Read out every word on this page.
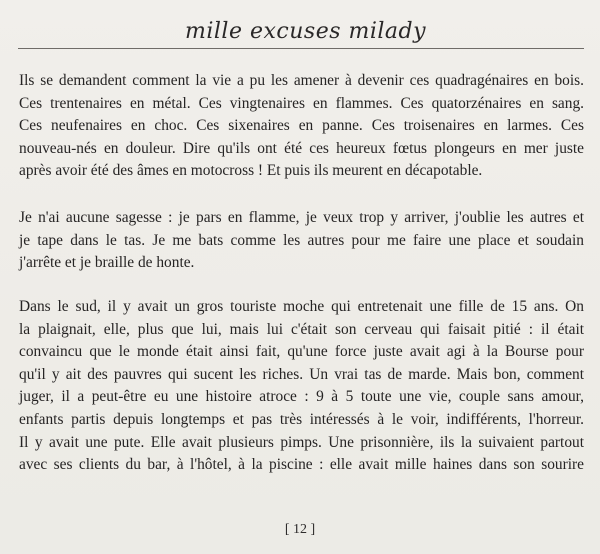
mille excuses milady

Ils se demandent comment la vie a pu les amener à devenir ces quadragénaires en bois.
Ces trentenaires en métal. Ces vingtenaires en flammes. Ces quatorzénaires en sang.
Ces neufenaires en choc. Ces sixenaires en panne. Ces troisenaires en larmes. Ces
nouveau-nés en douleur. Dire qu'ils ont été ces heureux fœtus plongeurs en mer juste
après avoir été des âmes en motocross ! Et puis ils meurent en décapotable.

Je n'ai aucune sagesse : je pars en flamme, je veux trop y arriver, j'oublie les autres et
je tape dans le tas. Je me bats comme les autres pour me faire une place et soudain
j'arrête et je braille de honte.

Dans le sud, il y avait un gros touriste moche qui entretenait une fille de 15 ans. On
la plaignait, elle, plus que lui, mais lui c'était son cerveau qui faisait pitié : il était
convaincu que le monde était ainsi fait, qu'une force juste avait agi à la Bourse pour
qu'il y ait des pauvres qui sucent les riches. Un vrai tas de marde. Mais bon, comment
juger, il a peut-être eu une histoire atroce : 9 à 5 toute une vie, couple sans amour,
enfants partis depuis longtemps et pas très intéressés à le voir, indifférents, l'horreur.
Il y avait une pute. Elle avait plusieurs pimps. Une prisonnière, ils la suivaient partout
avec ses clients du bar, à l'hôtel, à la piscine : elle avait mille haines dans son sourire

[ 12 ]
